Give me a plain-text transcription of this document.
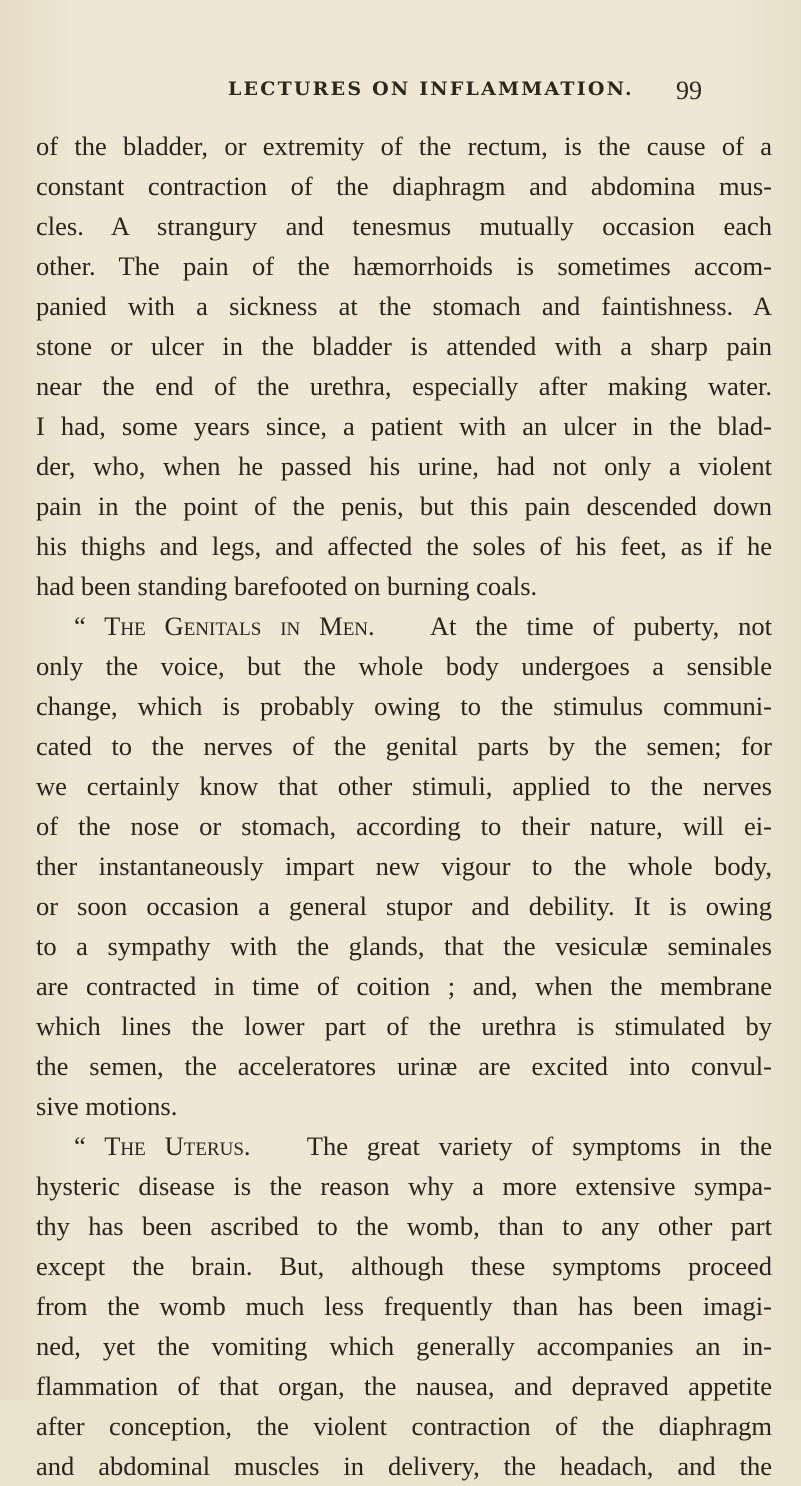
LECTURES ON INFLAMMATION. 99
of the bladder, or extremity of the rectum, is the cause of a
constant contraction of the diaphragm and abdomina mus-
cles. A strangury and tenesmus mutually occasion each
other. The pain of the hæmorrhoids is sometimes accom-
panied with a sickness at the stomach and faintishness. A
stone or ulcer in the bladder is attended with a sharp pain
near the end of the urethra, especially after making water.
I had, some years since, a patient with an ulcer in the blad-
der, who, when he passed his urine, had not only a violent
pain in the point of the penis, but this pain descended down
his thighs and legs, and affected the soles of his feet, as if he
had been standing barefooted on burning coals.
“ The Genitals in Men. At the time of puberty, not
only the voice, but the whole body undergoes a sensible
change, which is probably owing to the stimulus communi-
cated to the nerves of the genital parts by the semen; for
we certainly know that other stimuli, applied to the nerves
of the nose or stomach, according to their nature, will ei-
ther instantaneously impart new vigour to the whole body,
or soon occasion a general stupor and debility. It is owing
to a sympathy with the glands, that the vesiculæ seminales
are contracted in time of coition ; and, when the membrane
which lines the lower part of the urethra is stimulated by
the semen, the acceleratores urinæ are excited into convul-
sive motions.
“ The Uterus. The great variety of symptoms in the
hysteric disease is the reason why a more extensive sympa-
thy has been ascribed to the womb, than to any other part
except the brain. But, although these symptoms proceed
from the womb much less frequently than has been imagi-
ned, yet the vomiting which generally accompanies an in-
flammation of that organ, the nausea, and depraved appetite
after conception, the violent contraction of the diaphragm
and abdominal muscles in delivery, the headach, and the
